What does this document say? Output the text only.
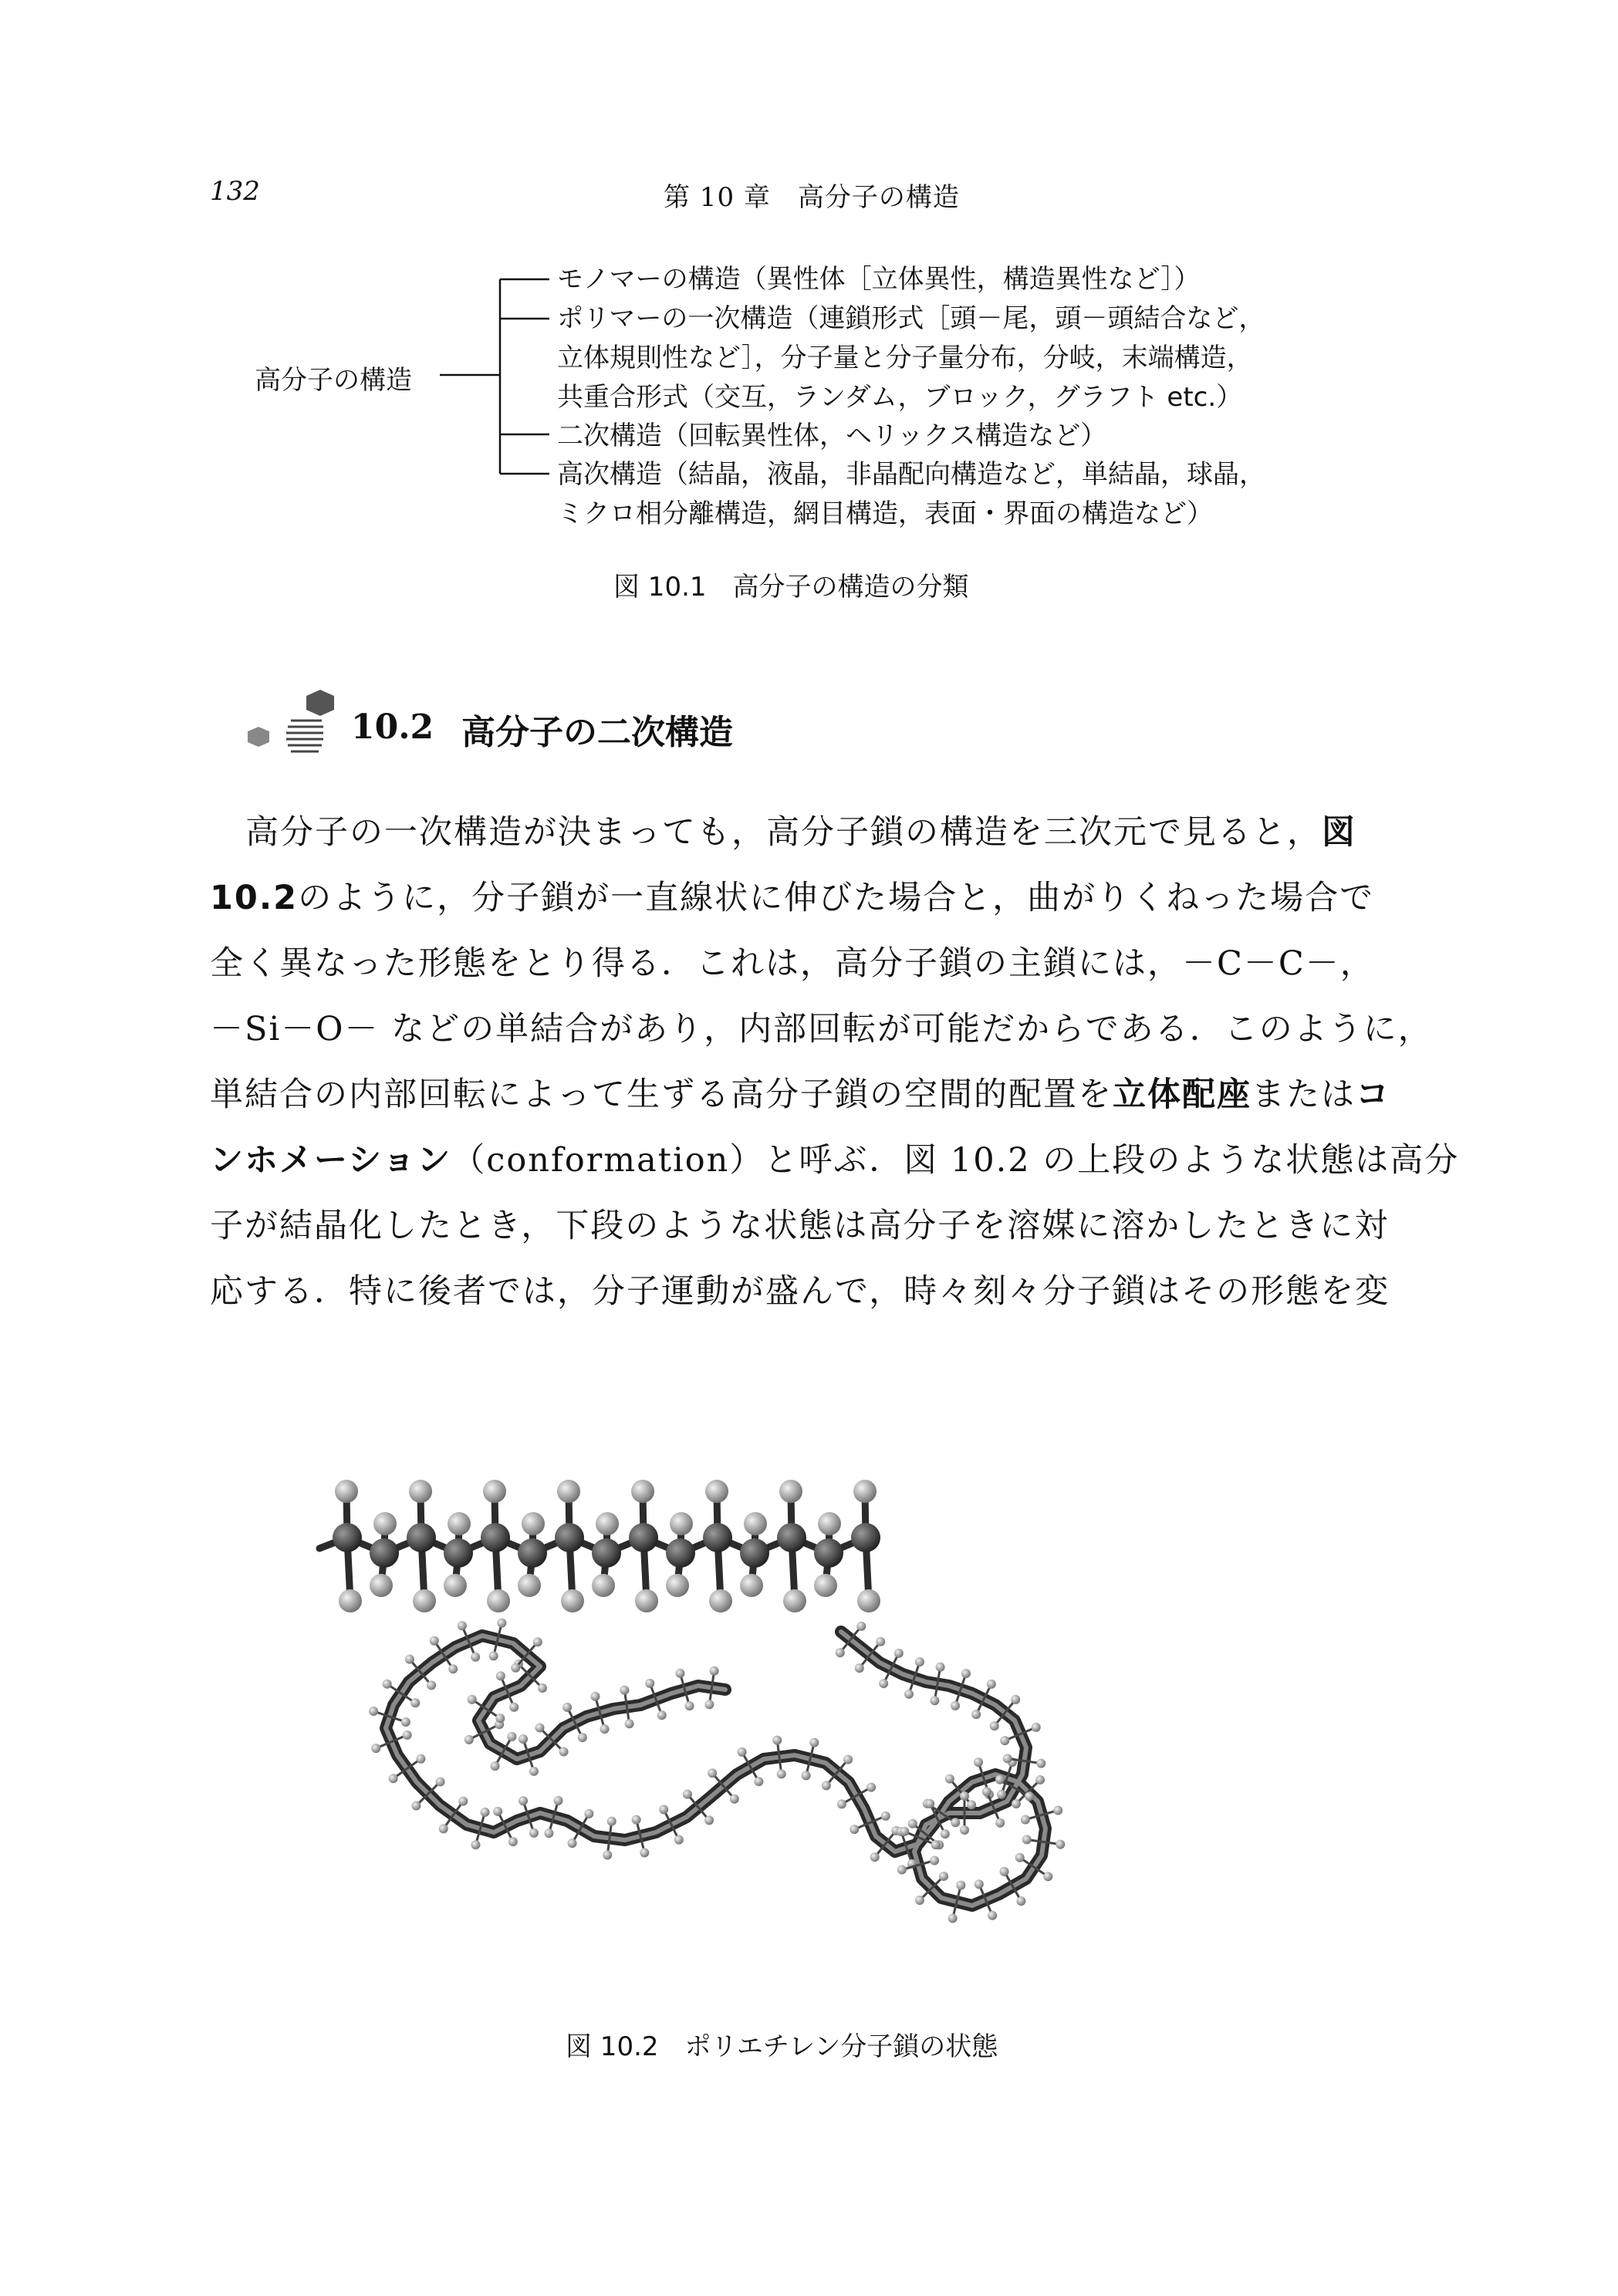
132	第 10 章　高分子の構造
高分子の構造
モノマーの構造（異性体［立体異性，構造異性など］）
ポリマーの一次構造（連鎖形式［頭－尾，頭－頭結合など，
立体規則性など］，分子量と分子量分布，分岐，末端構造，
共重合形式（交互，ランダム，ブロック，グラフト etc.）
二次構造（回転異性体，ヘリックス構造など）
高次構造（結晶，液晶，非晶配向構造など，単結晶，球晶，
ミクロ相分離構造，網目構造，表面・界面の構造など）
図 10.1　高分子の構造の分類
10.2 高分子の二次構造
高分子の一次構造が決まっても，高分子鎖の構造を三次元で見ると，図
10.2のように，分子鎖が一直線状に伸びた場合と，曲がりくねった場合で
全く異なった形態をとり得る．これは，高分子鎖の主鎖には，－C－C－，
－Si－O－ などの単結合があり，内部回転が可能だからである．このように，
単結合の内部回転によって生ずる高分子鎖の空間的配置を立体配座またはコ
ンホメーション（conformation）と呼ぶ．図 10.2 の上段のような状態は高分
子が結晶化したとき，下段のような状態は高分子を溶媒に溶かしたときに対
応する．特に後者では，分子運動が盛んで，時々刻々分子鎖はその形態を変
図 10.2　ポリエチレン分子鎖の状態
